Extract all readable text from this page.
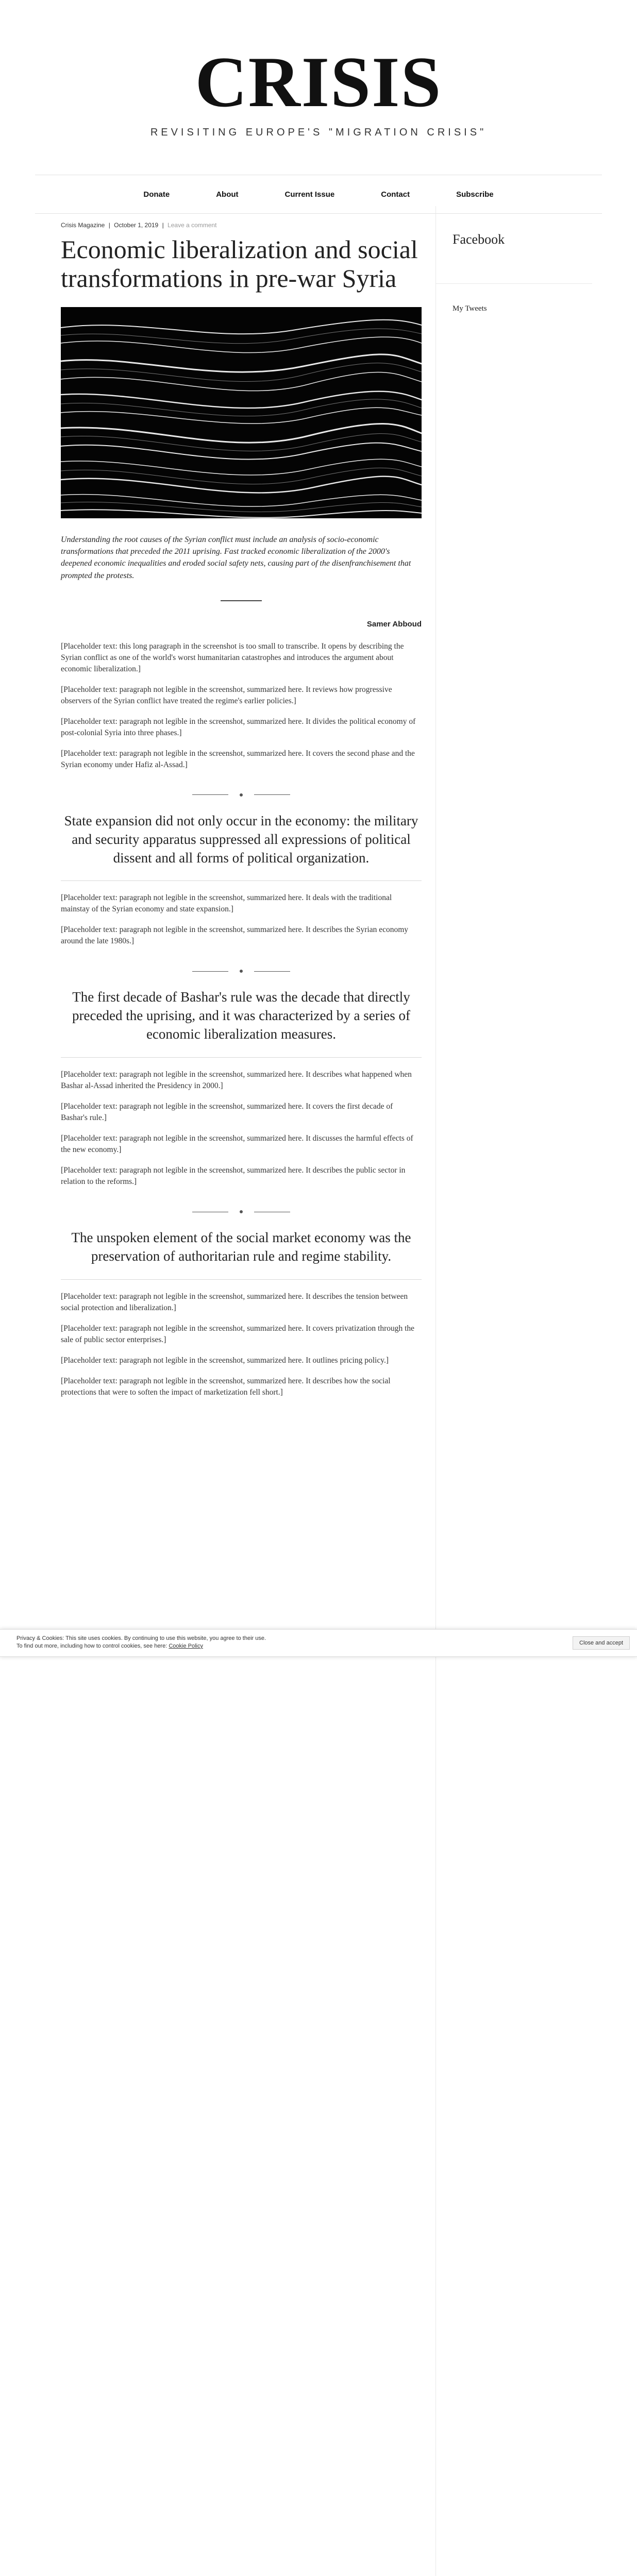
CRISIS
REVISITING EUROPE'S "MIGRATION CRISIS"
Donate	About	Current Issue	Contact	Subscribe
Crisis Magazine | October 1, 2019 | Leave a comment
Economic liberalization and social transformations in pre-war Syria

Understanding the root causes of the Syrian conflict must include an analysis of socio-economic transformations that preceded the 2011 uprising. Fast tracked economic liberalization of the 2000's deepened economic inequalities and eroded social safety nets, causing part of the disenfranchisement that prompted the protests.

Samer Abboud

[Placeholder text: this long paragraph in the screenshot is too small to transcribe. It opens by describing the Syrian conflict as one of the world's worst humanitarian catastrophes and introduces the argument about economic liberalization.]

[Placeholder text: paragraph not legible in the screenshot, summarized here. It reviews how progressive observers of the Syrian conflict have treated the regime's earlier policies.]

[Placeholder text: paragraph not legible in the screenshot, summarized here. It divides the political economy of post-colonial Syria into three phases.]

[Placeholder text: paragraph not legible in the screenshot, summarized here. It covers the second phase and the Syrian economy under Hafiz al-Assad.]

State expansion did not only occur in the economy: the military and security apparatus suppressed all expressions of political dissent and all forms of political organization.

[Placeholder text: paragraph not legible in the screenshot, summarized here. It deals with the traditional mainstay of the Syrian economy and state expansion.]

[Placeholder text: paragraph not legible in the screenshot, summarized here. It describes the Syrian economy around the late 1980s.]

The first decade of Bashar's rule was the decade that directly preceded the uprising, and it was characterized by a series of economic liberalization measures.

[Placeholder text: paragraph not legible in the screenshot, summarized here. It describes what happened when Bashar al-Assad inherited the Presidency in 2000.]

[Placeholder text: paragraph not legible in the screenshot, summarized here. It covers the first decade of Bashar's rule.]

[Placeholder text: paragraph not legible in the screenshot, summarized here. It discusses the harmful effects of the new economy.]

[Placeholder text: paragraph not legible in the screenshot, summarized here. It describes the public sector in relation to the reforms.]

The unspoken element of the social market economy was the preservation of authoritarian rule and regime stability.

[Placeholder text: paragraph not legible in the screenshot, summarized here. It describes the tension between social protection and liberalization.]

[Placeholder text: paragraph not legible in the screenshot, summarized here. It covers privatization through the sale of public sector enterprises.]

[Placeholder text: paragraph not legible in the screenshot, summarized here. It outlines pricing policy.]

[Placeholder text: paragraph not legible in the screenshot, summarized here. It describes how the social protections that were to soften the impact of marketization fell short.]

Facebook
My Tweets
Privacy & Cookies: This site uses cookies. By continuing to use this website, you agree to their use.
To find out more, including how to control cookies, see here: Cookie Policy	Close and accept
